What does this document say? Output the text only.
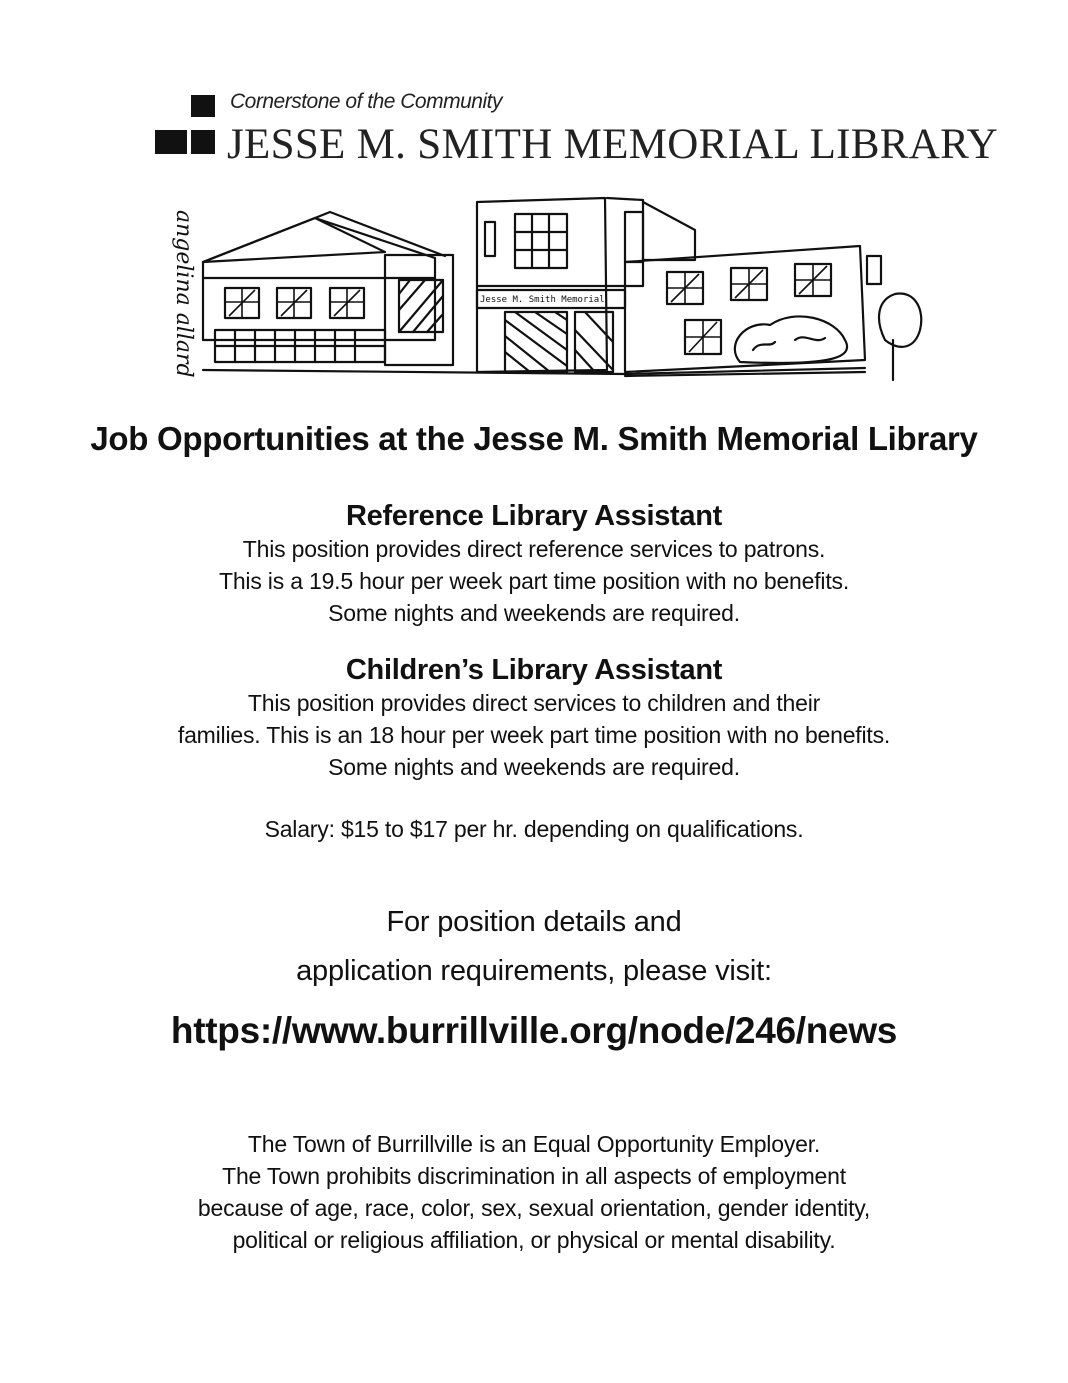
Cornerstone of the Community
JESSE M. SMITH MEMORIAL LIBRARY
angelina allard	Jesse M. Smith Memorial
Job Opportunities at the Jesse M. Smith Memorial Library
Reference Library Assistant
This position provides direct reference services to patrons.
This is a 19.5 hour per week part time position with no benefits.
Some nights and weekends are required.
Children’s Library Assistant
This position provides direct services to children and their
families. This is an 18 hour per week part time position with no benefits.
Some nights and weekends are required.
Salary: $15 to $17 per hr. depending on qualifications.
For position details and
application requirements, please visit:
https://www.burrillville.org/node/246/news
The Town of Burrillville is an Equal Opportunity Employer.
The Town prohibits discrimination in all aspects of employment
because of age, race, color, sex, sexual orientation, gender identity,
political or religious affiliation, or physical or mental disability.
